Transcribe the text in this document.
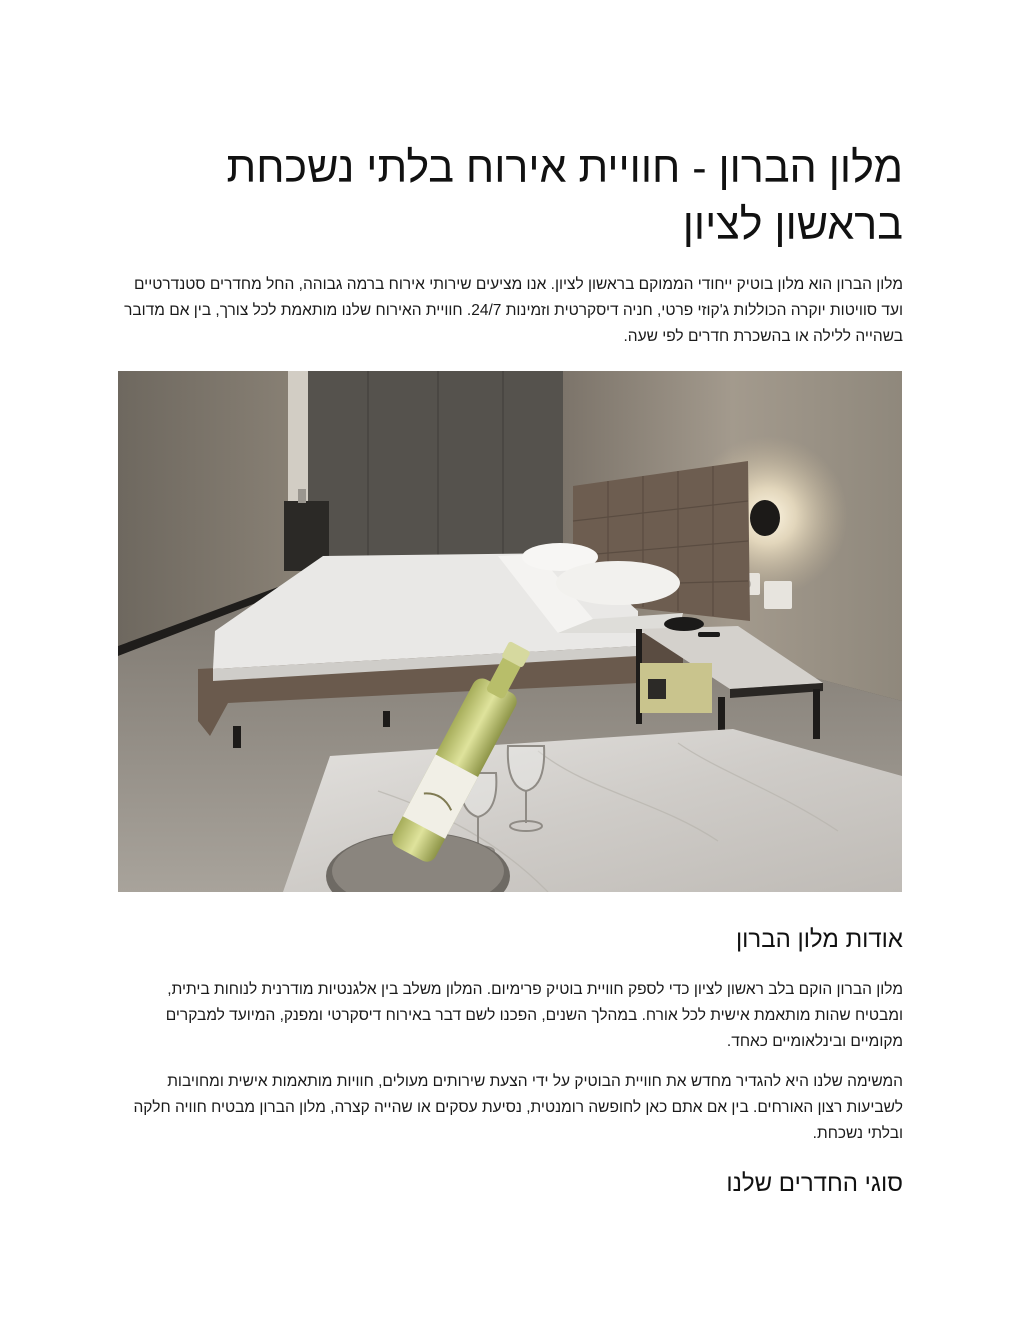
מלון הברון - חוויית אירוח בלתי נשכחת בראשון לציון

מלון הברון הוא מלון בוטיק ייחודי הממוקם בראשון לציון. אנו מציעים שירותי אירוח ברמה גבוהה, החל מחדרים סטנדרטיים ועד סוויטות יוקרה הכוללות ג'קוזי פרטי, חניה דיסקרטית וזמינות 24/7. חוויית האירוח שלנו מותאמת לכל צורך, בין אם מדובר בשהייה ללילה או בהשכרת חדרים לפי שעה.

אודות מלון הברון

מלון הברון הוקם בלב ראשון לציון כדי לספק חוויית בוטיק פרימיום. המלון משלב בין אלגנטיות מודרנית לנוחות ביתית, ומבטיח שהות מותאמת אישית לכל אורח. במהלך השנים, הפכנו לשם דבר באירוח דיסקרטי ומפנק, המיועד למבקרים מקומיים ובינלאומיים כאחד.

המשימה שלנו היא להגדיר מחדש את חוויית הבוטיק על ידי הצעת שירותים מעולים, חוויות מותאמות אישית ומחויבות לשביעות רצון האורחים. בין אם אתם כאן לחופשה רומנטית, נסיעת עסקים או שהייה קצרה, מלון הברון מבטיח חוויה חלקה ובלתי נשכחת.

סוגי החדרים שלנו
